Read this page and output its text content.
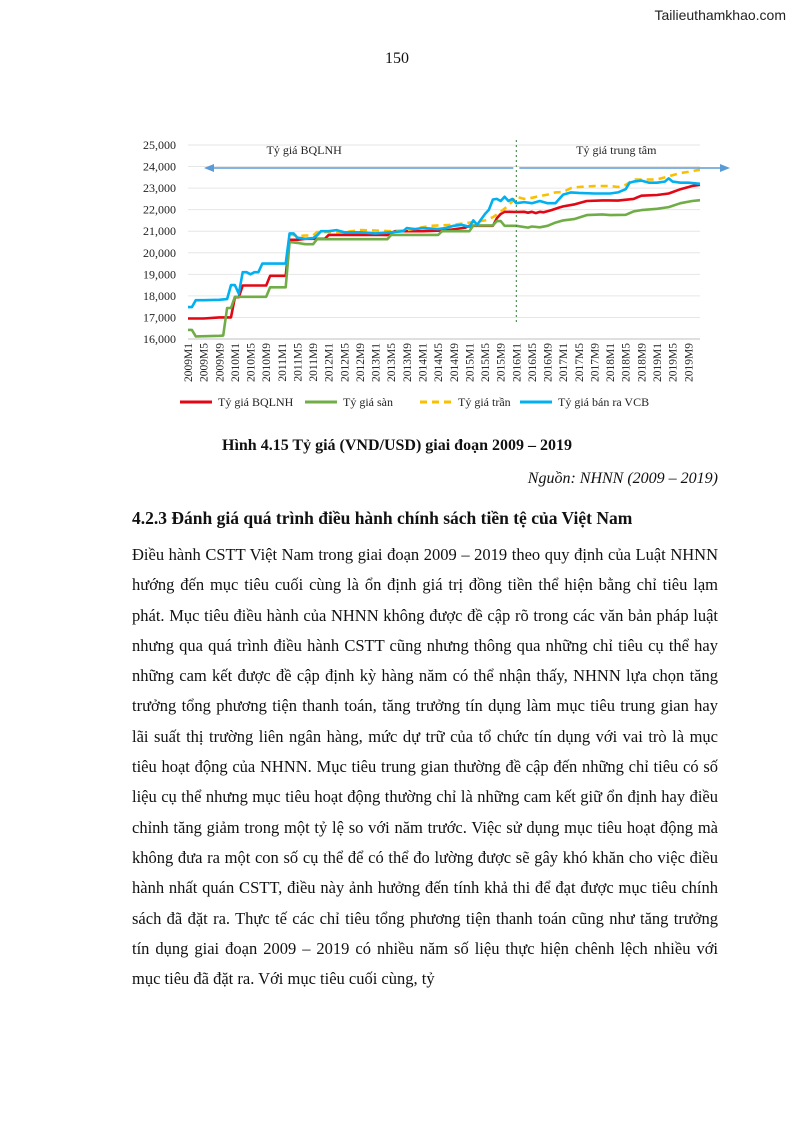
Tailieuthamkhao.com
150
16,000
17,000
18,000
19,000
20,000
21,000
22,000
23,000
24,000
25,000
2009M1 2009M5 2009M9 2010M1 2010M5 2010M9 2011M1 2011M5 2011M9 2012M1 2012M5 2012M9 2013M1 2013M5 2013M9 2014M1 2014M5 2014M9 2015M1 2015M5 2015M9 2016M1 2016M5 2016M9 2017M1 2017M5 2017M9 2018M1 2018M5 2018M9 2019M1 2019M5 2019M9
Tỷ giá BQLNH	Tỷ giá trung tâm
Tỷ giá BQLNH	Tỷ giá sàn	Tỷ giá trần	Tỷ giá bán ra VCB
Hình 4.15 Tỷ giá (VND/USD) giai đoạn 2009 – 2019
Nguồn: NHNN (2009 – 2019)
4.2.3 Đánh giá quá trình điều hành chính sách tiền tệ của Việt Nam

Điều hành CSTT Việt Nam trong giai đoạn 2009 – 2019 theo quy định của Luật NHNN hướng đến mục tiêu cuối cùng là ổn định giá trị đồng tiền thể hiện bằng chỉ tiêu lạm phát. Mục tiêu điều hành của NHNN không được đề cập rõ trong các văn bản pháp luật nhưng qua quá trình điều hành CSTT cũng nhưng thông qua những chỉ tiêu cụ thể hay những cam kết được đề cập định kỳ hàng năm có thể nhận thấy, NHNN lựa chọn tăng trưởng tổng phương tiện thanh toán, tăng trưởng tín dụng làm mục tiêu trung gian hay lãi suất thị trường liên ngân hàng, mức dự trữ của tổ chức tín dụng với vai trò là mục tiêu hoạt động của NHNN. Mục tiêu trung gian thường đề cập đến những chỉ tiêu có số liệu cụ thể nhưng mục tiêu hoạt động thường chỉ là những cam kết giữ ổn định hay điều chỉnh tăng giảm trong một tỷ lệ so với năm trước. Việc sử dụng mục tiêu hoạt động mà không đưa ra một con số cụ thể để có thể đo lường được sẽ gây khó khăn cho việc điều hành nhất quán CSTT, điều này ảnh hưởng đến tính khả thi để đạt được mục tiêu chính sách đã đặt ra. Thực tế các chỉ tiêu tổng phương tiện thanh toán cũng như tăng trưởng tín dụng giai đoạn 2009 – 2019 có nhiều năm số liệu thực hiện chênh lệch nhiều với mục tiêu đã đặt ra. Với mục tiêu cuối cùng, tỷ
